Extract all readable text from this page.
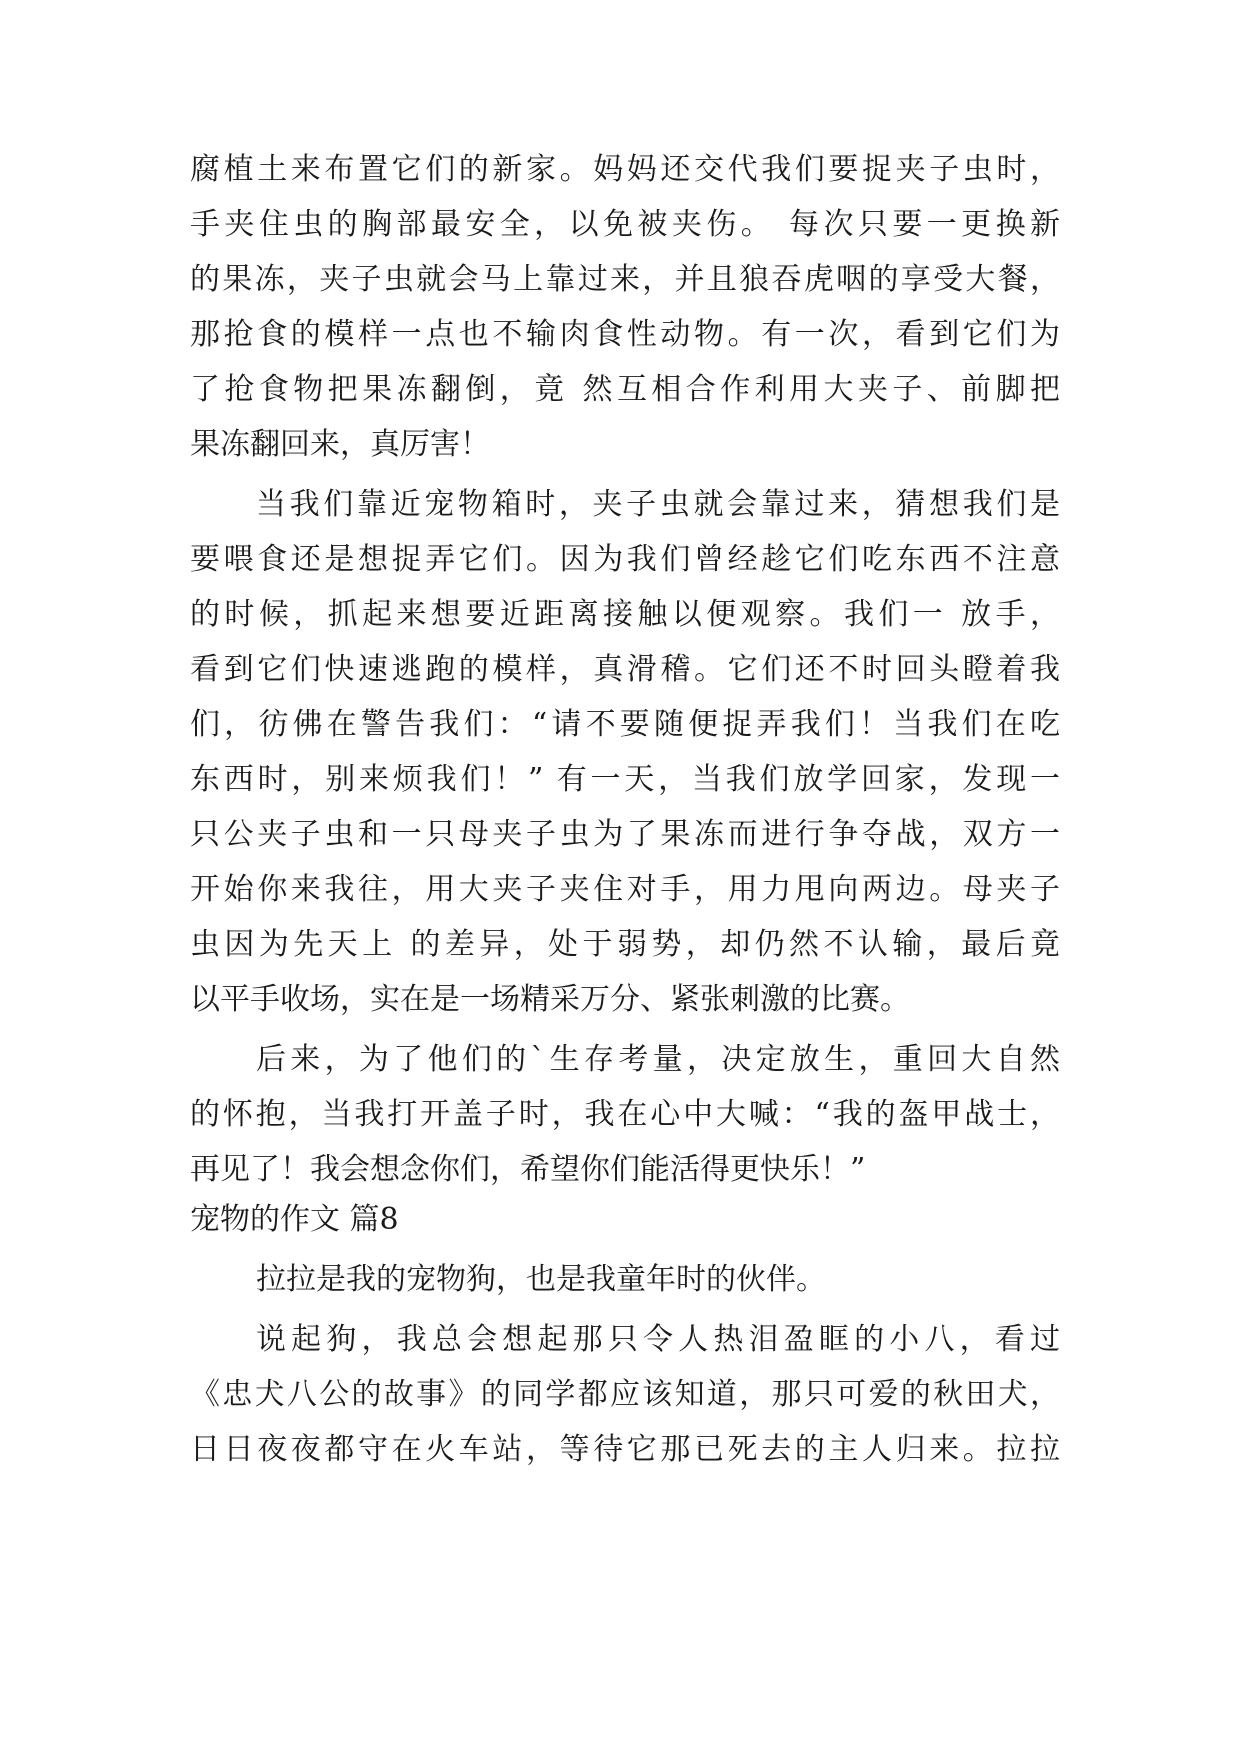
腐植土来布置它们的新家。妈妈还交代我们要捉夹子虫时，
手夹住虫的胸部最安全，以免被夹伤。 每次只要一更换新
的果冻，夹子虫就会马上靠过来，并且狼吞虎咽的享受大餐，
那抢食的模样一点也不输肉食性动物。有一次，看到它们为
了抢食物把果冻翻倒，竟 然互相合作利用大夹子、前脚把
果冻翻回来，真厉害！
当我们靠近宠物箱时，夹子虫就会靠过来，猜想我们是
要喂食还是想捉弄它们。因为我们曾经趁它们吃东西不注意
的时候，抓起来想要近距离接触以便观察。我们一 放手，
看到它们快速逃跑的模样，真滑稽。它们还不时回头瞪着我
们，彷佛在警告我们：“请不要随便捉弄我们！当我们在吃
东西时，别来烦我们！” 有一天，当我们放学回家，发现一
只公夹子虫和一只母夹子虫为了果冻而进行争夺战，双方一
开始你来我往，用大夹子夹住对手，用力甩向两边。母夹子
虫因为先天上 的差异，处于弱势，却仍然不认输，最后竟
以平手收场，实在是一场精采万分、紧张刺激的比赛。
后来，为了他们的`生存考量，决定放生，重回大自然
的怀抱，当我打开盖子时，我在心中大喊：“我的盔甲战士，
再见了！我会想念你们，希望你们能活得更快乐！”
宠物的作文 篇8
拉拉是我的宠物狗，也是我童年时的伙伴。
说起狗，我总会想起那只令人热泪盈眶的小八，看过
《忠犬八公的故事》的同学都应该知道，那只可爱的秋田犬，
日日夜夜都守在火车站，等待它那已死去的主人归来。拉拉
